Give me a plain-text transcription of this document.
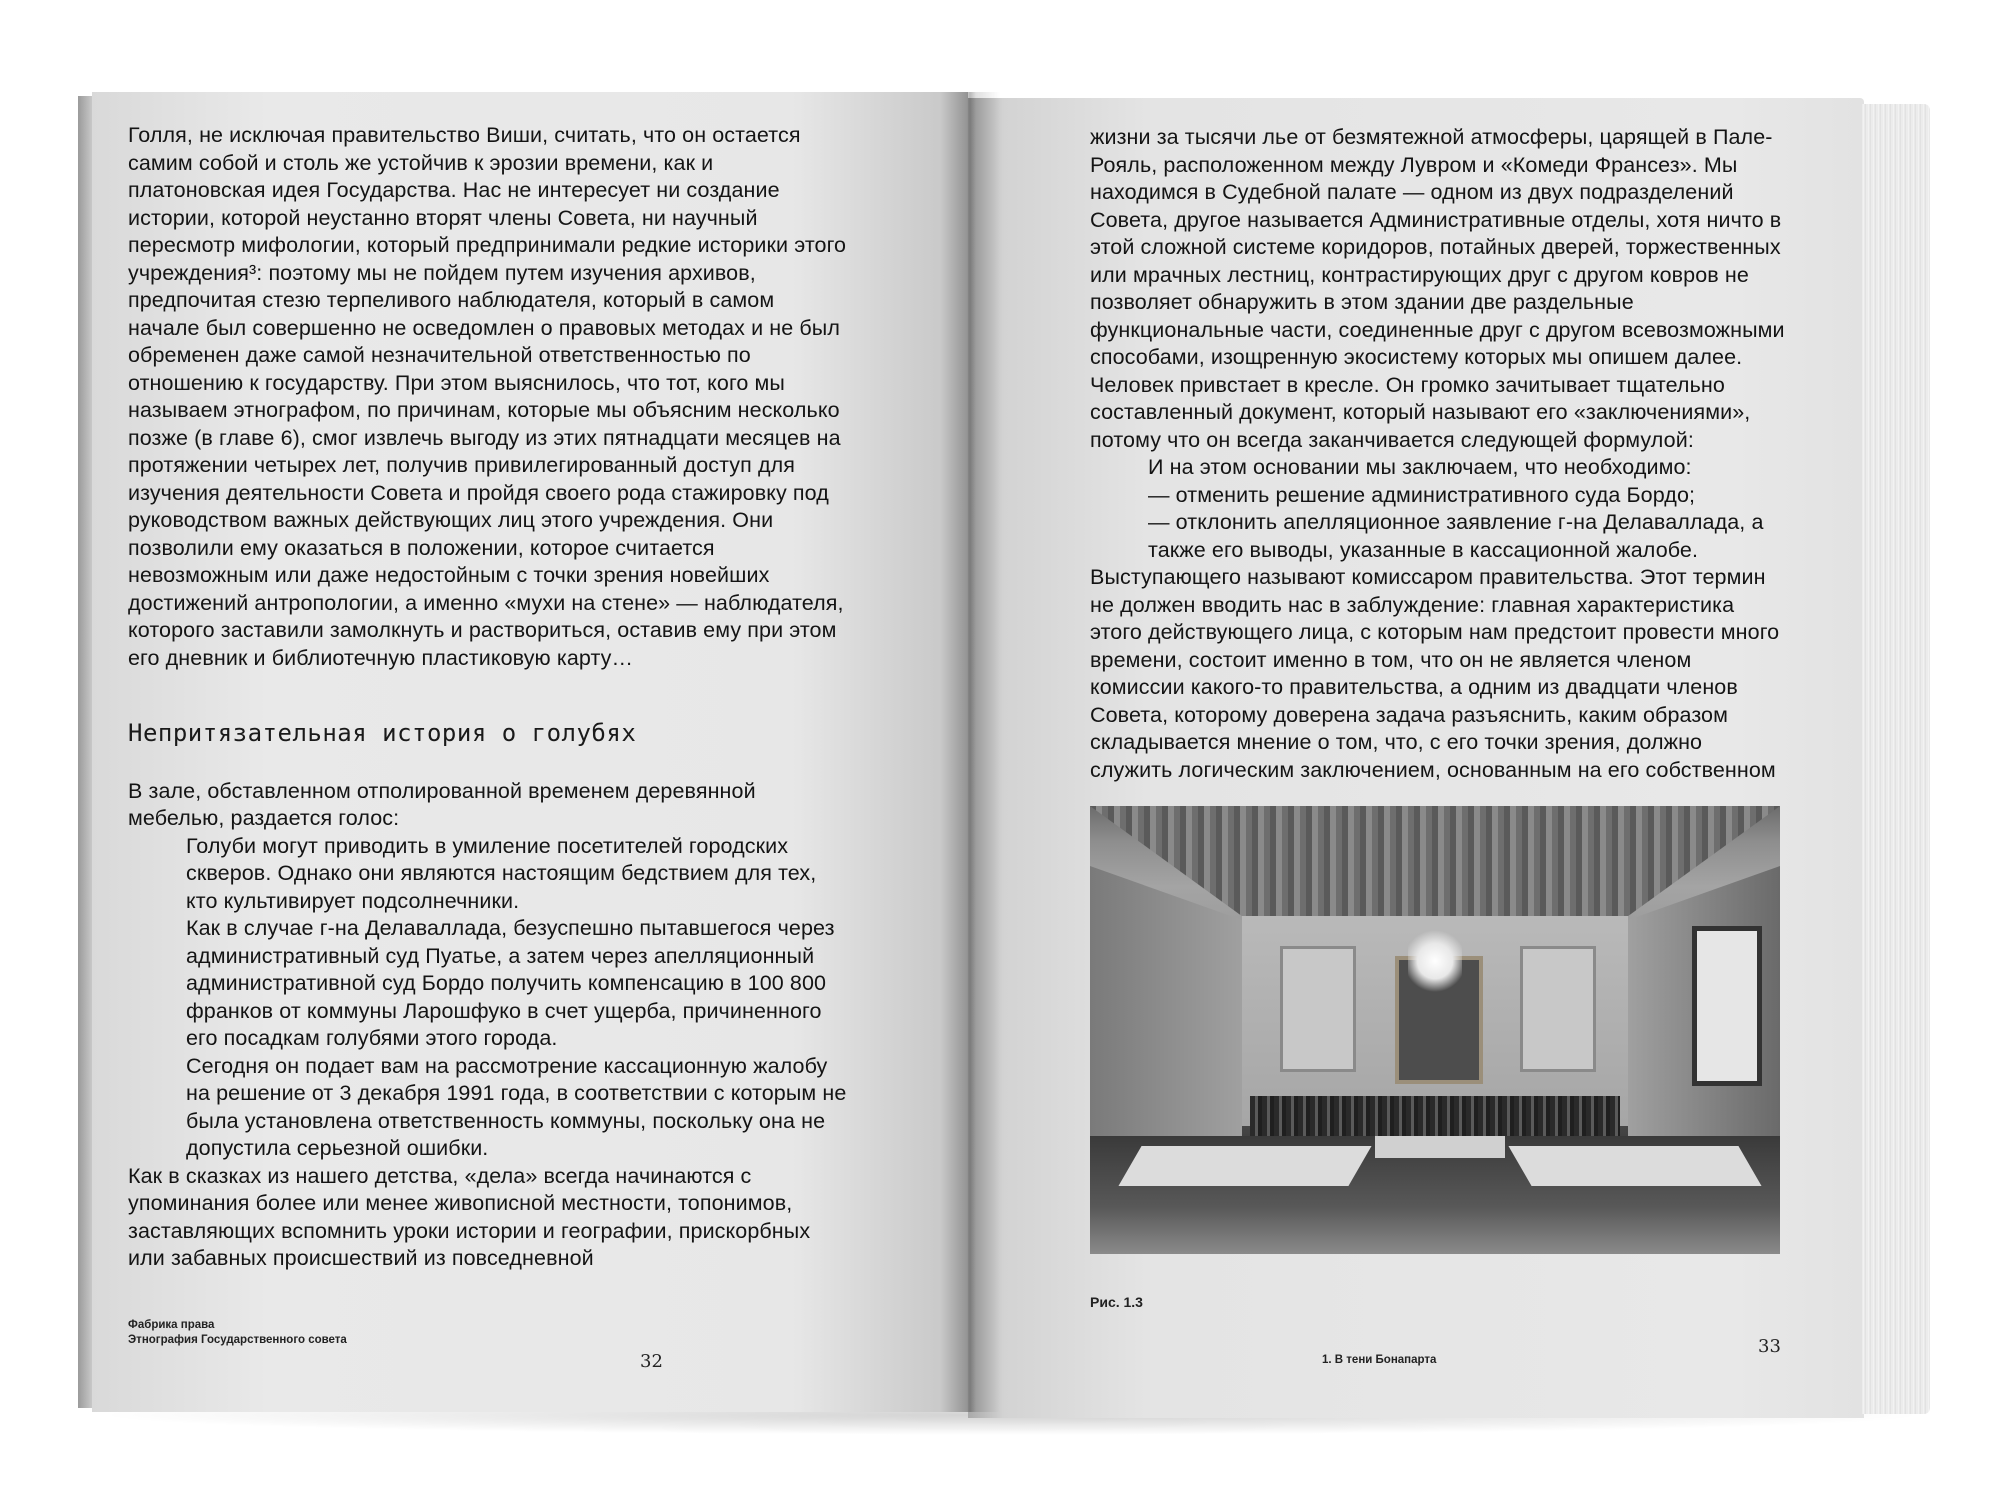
Голля, не исключая правительство Виши, считать, что он остается самим собой и столь же устойчив к эрозии времени, как и платоновская идея Государства. Нас не интересует ни создание истории, которой неустанно вторят члены Совета, ни научный пересмотр мифологии, который предпринимали редкие историки этого учреждения³: поэтому мы не пойдем путем изучения архивов, предпочитая стезю терпеливого наблюдателя, который в самом начале был совершенно не осведомлен о правовых методах и не был обременен даже самой незначительной ответственностью по отношению к государству. При этом выяснилось, что тот, кого мы называем этнографом, по причинам, которые мы объясним несколько позже (в главе 6), смог извлечь выгоду из этих пятнадцати месяцев на протяжении четырех лет, получив привилегированный доступ для изучения деятельности Совета и пройдя своего рода стажировку под руководством важных действующих лиц этого учреждения. Они позволили ему оказаться в положении, которое считается невозможным или даже недостойным с точки зрения новейших достижений антропологии, а именно «мухи на стене» — наблюдателя, которого заставили замолкнуть и раствориться, оставив ему при этом его дневник и библиотечную пластиковую карту…

Непритязательная история о голубях

В зале, обставленном отполированной временем деревянной мебелью, раздается голос:

Голуби могут приводить в умиление посетителей городских скверов. Однако они являются настоящим бедствием для тех, кто культивирует подсолнечники.

Как в случае г-на Делаваллада, безуспешно пытавшегося через административный суд Пуатье, а затем через апелляционный административной суд Бордо получить компенсацию в 100 800 франков от коммуны Ларошфуко в счет ущерба, причиненного его посадкам голубями этого города.

Сегодня он подает вам на рассмотрение кассационную жалобу на решение от 3 декабря 1991 года, в соответствии с которым не была установлена ответственность коммуны, поскольку она не допустила серьезной ошибки.

Как в сказках из нашего детства, «дела» всегда начинаются с упоминания более или менее живописной местности, топонимов, заставляющих вспомнить уроки истории и географии, прискорбных или забавных происшествий из повседневной

Фабрика права
Этнография Государственного совета
32

жизни за тысячи лье от безмятежной атмосферы, царящей в Пале-Рояль, расположенном между Лувром и «Комеди Франсез». Мы находимся в Судебной палате — одном из двух подразделений Совета, другое называется Административные отделы, хотя ничто в этой сложной системе коридоров, потайных дверей, торжественных или мрачных лестниц, контрастирующих друг с другом ковров не позволяет обнаружить в этом здании две раздельные функциональные части, соединенные друг с другом всевозможными способами, изощренную экосистему которых мы опишем далее. Человек привстает в кресле. Он громко зачитывает тщательно составленный документ, который называют его «заключениями», потому что он всегда заканчивается следующей формулой:

И на этом основании мы заключаем, что необходимо:

— отменить решение административного суда Бордо;

— отклонить апелляционное заявление г-на Делаваллада, а также его выводы, указанные в кассационной жалобе.

Выступающего называют комиссаром правительства. Этот термин не должен вводить нас в заблуждение: главная характеристика этого действующего лица, с которым нам предстоит провести много времени, состоит именно в том, что он не является членом комиссии какого-то правительства, а одним из двадцати членов Совета, которому доверена задача разъяснить, каким образом складывается мнение о том, что, с его точки зрения, должно служить логическим заключением, основанным на его собственном

Рис. 1.3
1. В тени Бонапарта
33
